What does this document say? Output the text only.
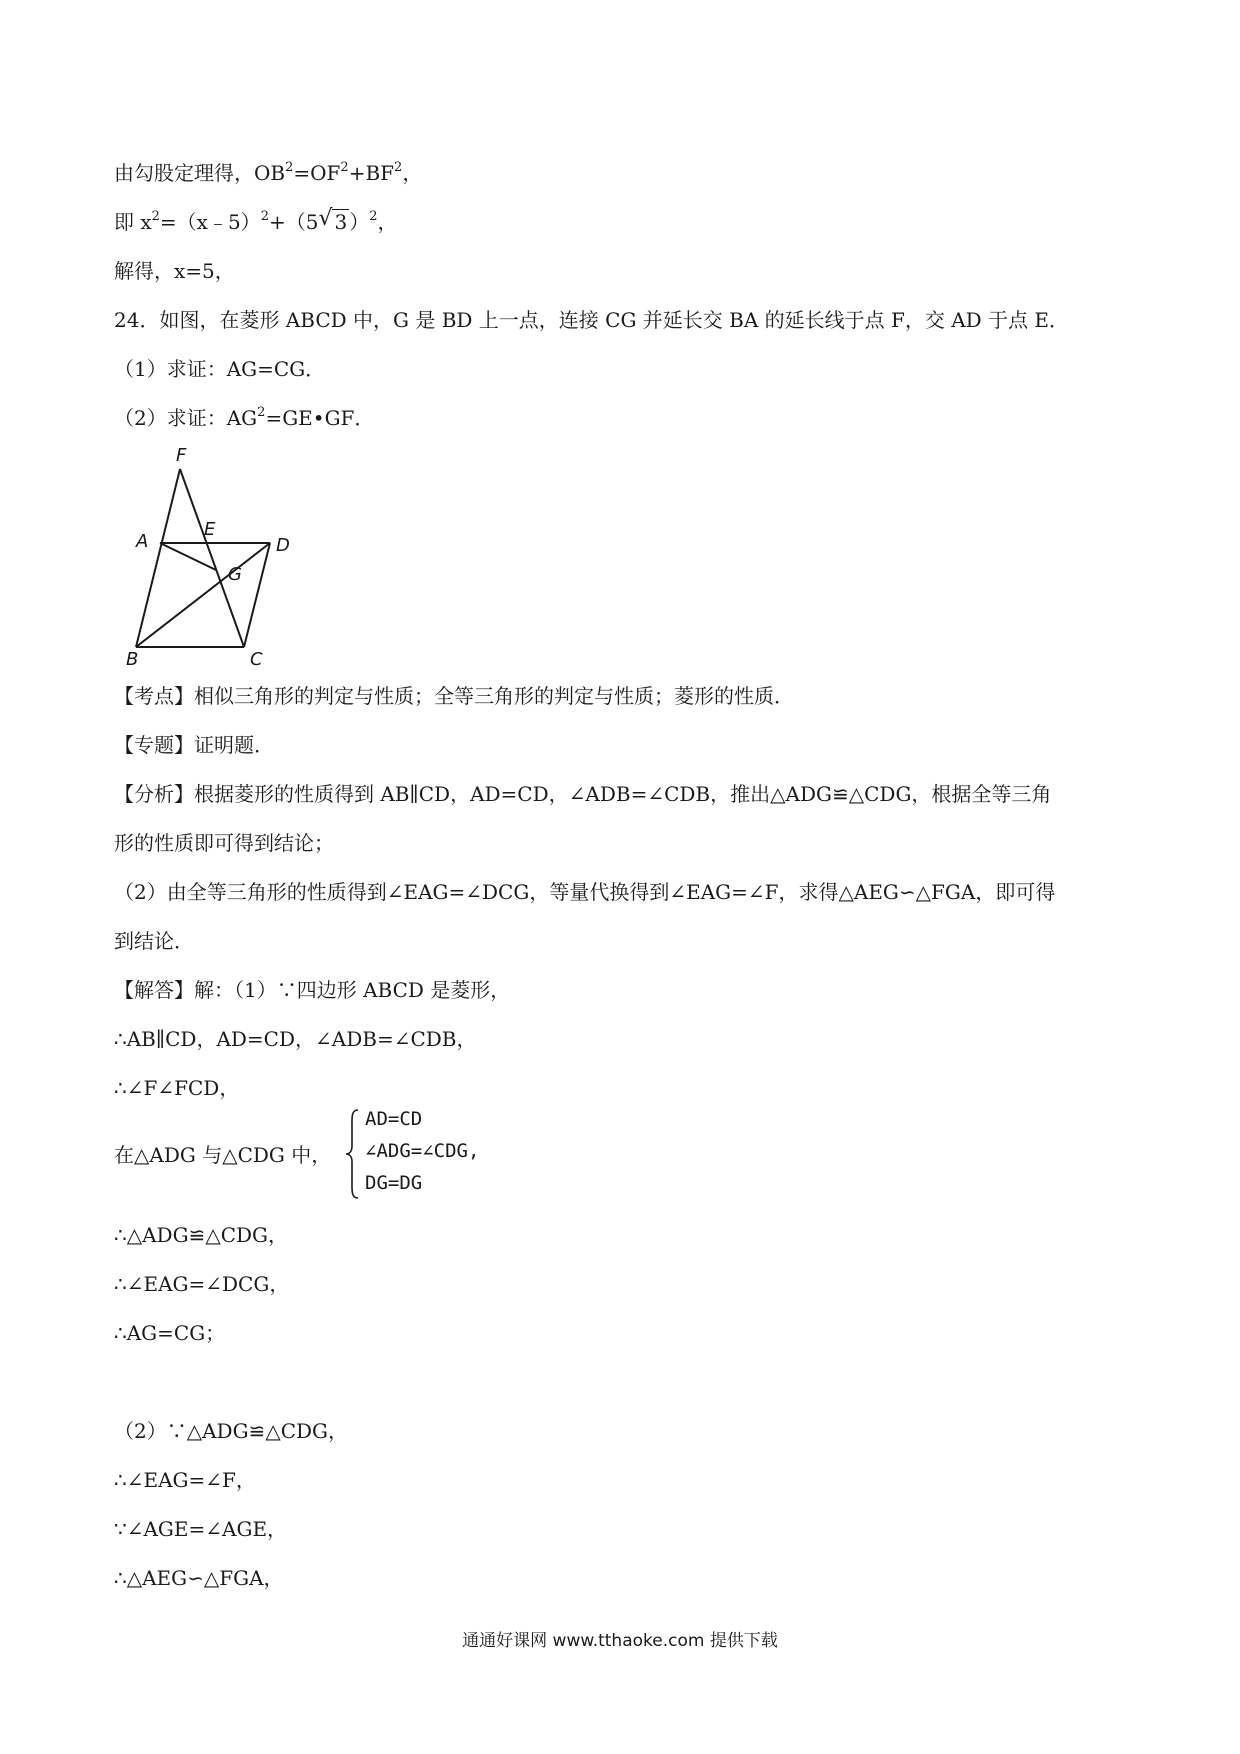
由勾股定理得，$OB^2=OF^2+BF^2$，
即 $x^2=(x﹣5)^2+(5√$ 3 ）$^2$，
解得，x=5，
24．如图，在菱形 ABCD 中，G 是 BD 上一点，连接 CG 并延长交 BA 的延长线于点 F，交 AD 于点 E．
（1）求证：AG=CG．
（2）求证：$AG^2=GE•GF$．
F
A
E
D
G
B	C
【考点】相似三角形的判定与性质；全等三角形的判定与性质；菱形的性质．
【专题】证明题．
【分析】根据菱形的性质得到 AB∥CD，AD=CD，∠ADB=∠CDB，推出△ADG≌△CDG，根据全等三角
形的性质即可得到结论；
（2）由全等三角形的性质得到∠EAG=∠DCG，等量代换得到∠EAG=∠F，求得△AEG∽△FGA，即可得
到结论．
【解答】解：（1）∵四边形 ABCD 是菱形，
∴AB∥CD，AD=CD，∠ADB=∠CDB，
∴∠F∠FCD，
在△ADG 与△CDG 中，
AD=CD
∠ADG=∠CDG,
DG=DG
∴△ADG≌△CDG，
∴∠EAG=∠DCG，
∴AG=CG；
（2）∵△ADG≌△CDG，
∴∠EAG=∠F，
∵∠AGE=∠AGE，
∴△AEG∽△FGA，
通通好课网 www.tthaoke.com 提供下载
